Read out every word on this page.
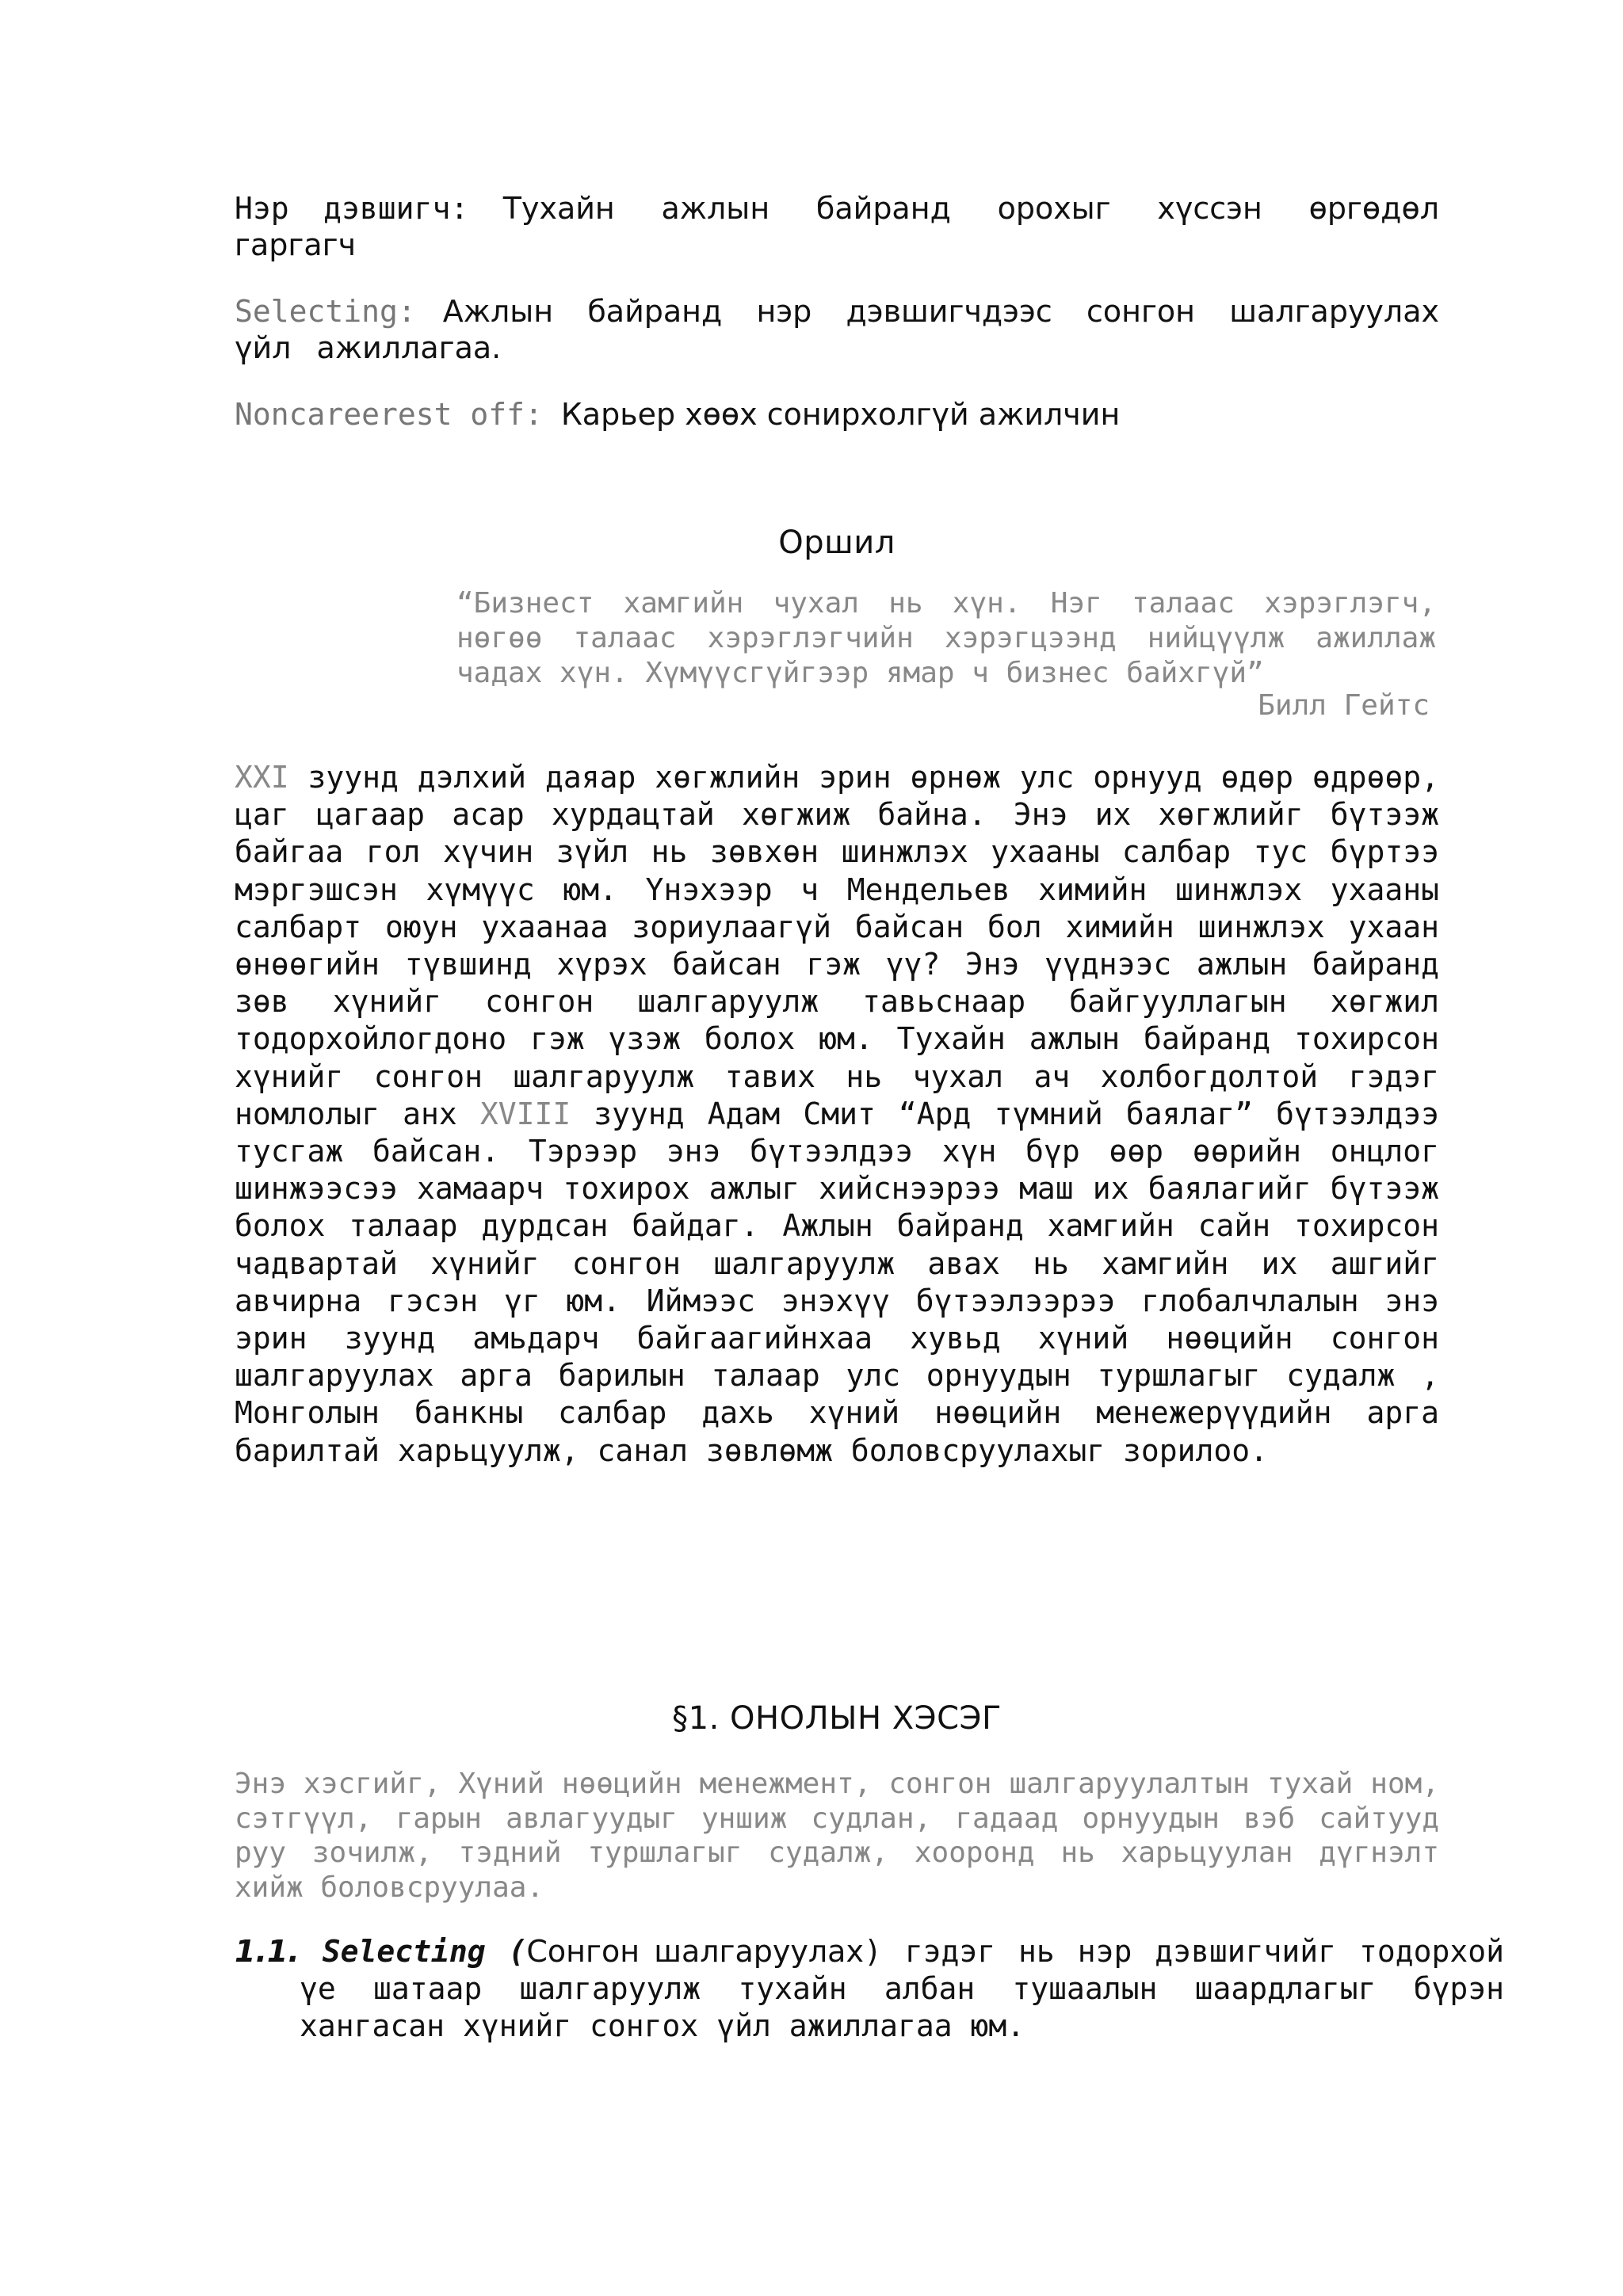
Нэр дэвшигч: Тухайн ажлын байранд орохыг хүссэн өргөдөл гаргагч
Selecting: Ажлын байранд нэр дэвшигчдээс сонгон шалгаруулах үйл ажиллагаа.
Noncareerest off: Карьер хөөх сонирхолгүй ажилчин
Оршил
“Бизнест хамгийн чухал нь хүн. Нэг талаас хэрэглэгч, нөгөө талаас хэрэглэгчийн хэрэгцээнд нийцүүлж ажиллаж чадах хүн. Хүмүүсгүйгээр ямар ч бизнес байхгүй”
Билл Гейтс
XXI зуунд дэлхий даяар хөгжлийн эрин өрнөж улс орнууд өдөр өдрөөр, цаг цагаар асар хурдацтай хөгжиж байна. Энэ их хөгжлийг бүтээж байгаа гол хүчин зүйл нь зөвхөн шинжлэх ухааны салбар тус бүртээ мэргэшсэн хүмүүс юм. Үнэхээр ч Мендельев химийн шинжлэх ухааны салбарт оюун ухаанаа зориулаагүй байсан бол химийн шинжлэх ухаан өнөөгийн түвшинд хүрэх байсан гэж үү? Энэ үүднээс ажлын байранд зөв хүнийг сонгон шалгаруулж тавьснаар байгууллагын хөгжил тодорхойлогдоно гэж үзэж болох юм. Тухайн ажлын байранд тохирсон хүнийг сонгон шалгаруулж тавих нь чухал ач холбогдолтой гэдэг номлолыг анх XVIII зуунд Адам Смит “Ард түмний баялаг” бүтээлдээ тусгаж байсан. Тэрээр энэ бүтээлдээ хүн бүр өөр өөрийн онцлог шинжээсээ хамаарч тохирох ажлыг хийснээрээ маш их баялагийг бүтээж болох талаар дурдсан байдаг. Ажлын байранд хамгийн сайн тохирсон чадвартай хүнийг сонгон шалгаруулж авах нь хамгийн их ашгийг авчирна гэсэн үг юм. Иймээс энэхүү бүтээлээрээ глобалчлалын энэ эрин зуунд амьдарч байгаагийнхаа хувьд хүний нөөцийн сонгон шалгаруулах арга барилын талаар улс орнуудын туршлагыг судалж , Монголын банкны салбар дахь хүний нөөцийн менежерүүдийн арга барилтай харьцуулж, санал зөвлөмж боловсруулахыг зорилоо.
§1. ОНОЛЫН ХЭСЭГ
Энэ хэсгийг, Хүний нөөцийн менежмент, сонгон шалгаруулалтын тухай ном, сэтгүүл, гарын авлагуудыг уншиж судлан, гадаад орнуудын вэб сайтууд руу зочилж, тэдний туршлагыг судалж, хооронд нь харьцуулан дүгнэлт хийж боловсруулаа.
1.1. Selecting (Сонгон шалгаруулах) гэдэг нь нэр дэвшигчийг тодорхой үе шатаар шалгаруулж тухайн албан тушаалын шаардлагыг бүрэн хангасан хүнийг сонгох үйл ажиллагаа юм.
